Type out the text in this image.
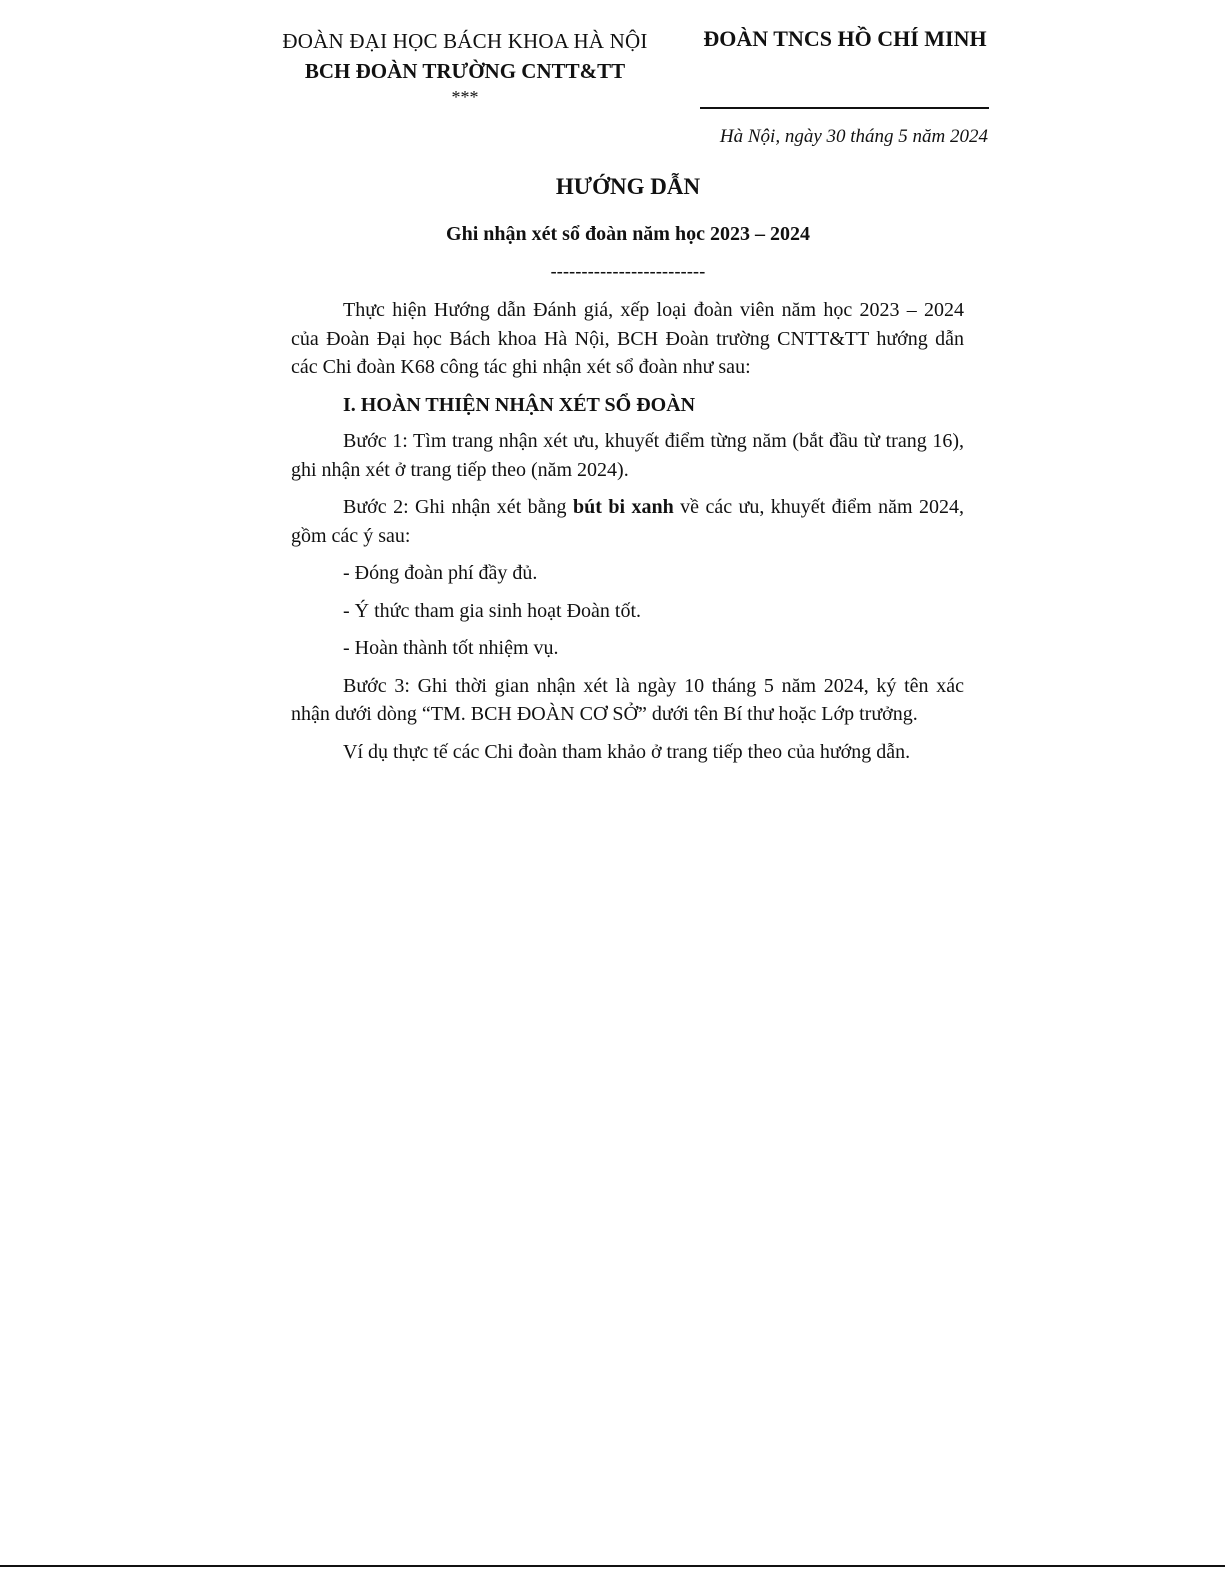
ĐOÀN ĐẠI HỌC BÁCH KHOA HÀ NỘI
BCH ĐOÀN TRƯỜNG CNTT&TT
***
ĐOÀN TNCS HỒ CHÍ MINH
Hà Nội, ngày 30 tháng 5 năm 2024
HƯỚNG DẪN
Ghi nhận xét sổ đoàn năm học 2023 – 2024
-------------------------

Thực hiện Hướng dẫn Đánh giá, xếp loại đoàn viên năm học 2023 – 2024 của Đoàn Đại học Bách khoa Hà Nội, BCH Đoàn trường CNTT&TT hướng dẫn các Chi đoàn K68 công tác ghi nhận xét sổ đoàn như sau:

I. HOÀN THIỆN NHẬN XÉT SỔ ĐOÀN

Bước 1: Tìm trang nhận xét ưu, khuyết điểm từng năm (bắt đầu từ trang 16), ghi nhận xét ở trang tiếp theo (năm 2024).

Bước 2: Ghi nhận xét bằng bút bi xanh về các ưu, khuyết điểm năm 2024, gồm các ý sau:

- Đóng đoàn phí đầy đủ.

- Ý thức tham gia sinh hoạt Đoàn tốt.

- Hoàn thành tốt nhiệm vụ.

Bước 3: Ghi thời gian nhận xét là ngày 10 tháng 5 năm 2024, ký tên xác nhận dưới dòng “TM. BCH ĐOÀN CƠ SỞ” dưới tên Bí thư hoặc Lớp trưởng.

Ví dụ thực tế các Chi đoàn tham khảo ở trang tiếp theo của hướng dẫn.
